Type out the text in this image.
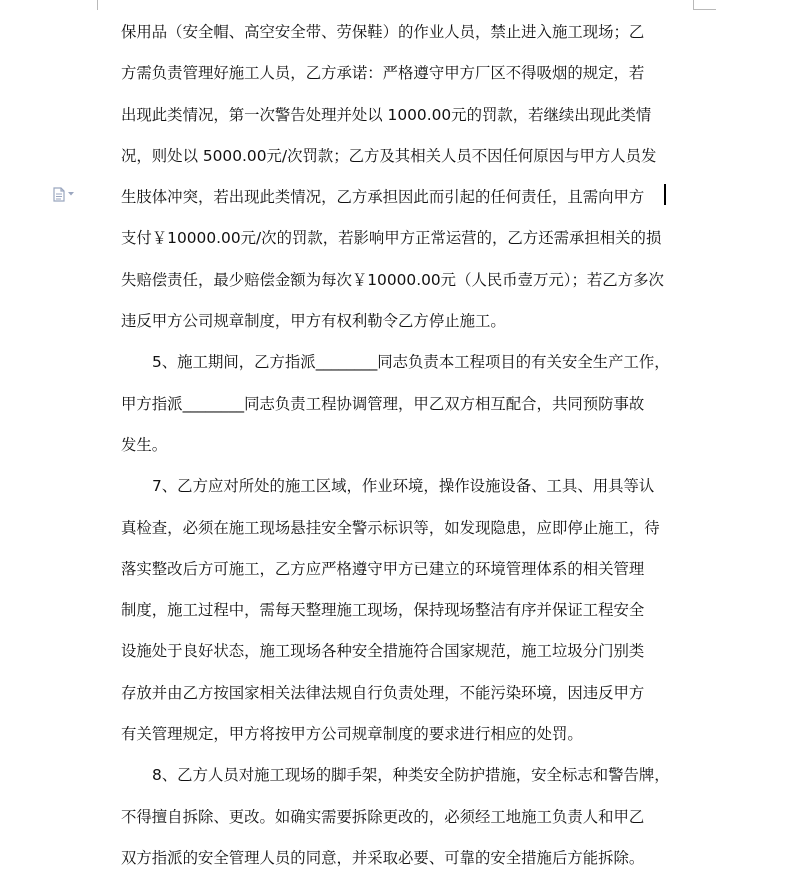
保用品（安全帽、高空安全带、劳保鞋）的作业人员，禁止进入施工现场；乙
方需负责管理好施工人员，乙方承诺：严格遵守甲方厂区不得吸烟的规定，若
出现此类情况，第一次警告处理并处以 1000.00元的罚款，若继续出现此类情
况，则处以 5000.00元/次罚款；乙方及其相关人员不因任何原因与甲方人员发
生肢体冲突，若出现此类情况，乙方承担因此而引起的任何责任，且需向甲方
支付￥10000.00元/次的罚款，若影响甲方正常运营的，乙方还需承担相关的损
失赔偿责任，最少赔偿金额为每次￥10000.00元（人民币壹万元）；若乙方多次
违反甲方公司规章制度，甲方有权利勒令乙方停止施工。
5、施工期间，乙方指派________同志负责本工程项目的有关安全生产工作，
甲方指派________同志负责工程协调管理，甲乙双方相互配合，共同预防事故
发生。
7、乙方应对所处的施工区域，作业环境，操作设施设备、工具、用具等认
真检查，必须在施工现场悬挂安全警示标识等，如发现隐患，应即停止施工，待
落实整改后方可施工，乙方应严格遵守甲方已建立的环境管理体系的相关管理
制度，施工过程中，需每天整理施工现场，保持现场整洁有序并保证工程安全
设施处于良好状态，施工现场各种安全措施符合国家规范，施工垃圾分门别类
存放并由乙方按国家相关法律法规自行负责处理，不能污染环境，因违反甲方
有关管理规定，甲方将按甲方公司规章制度的要求进行相应的处罚。
8、乙方人员对施工现场的脚手架，种类安全防护措施，安全标志和警告牌，
不得擅自拆除、更改。如确实需要拆除更改的，必须经工地施工负责人和甲乙
双方指派的安全管理人员的同意，并采取必要、可靠的安全措施后方能拆除。
